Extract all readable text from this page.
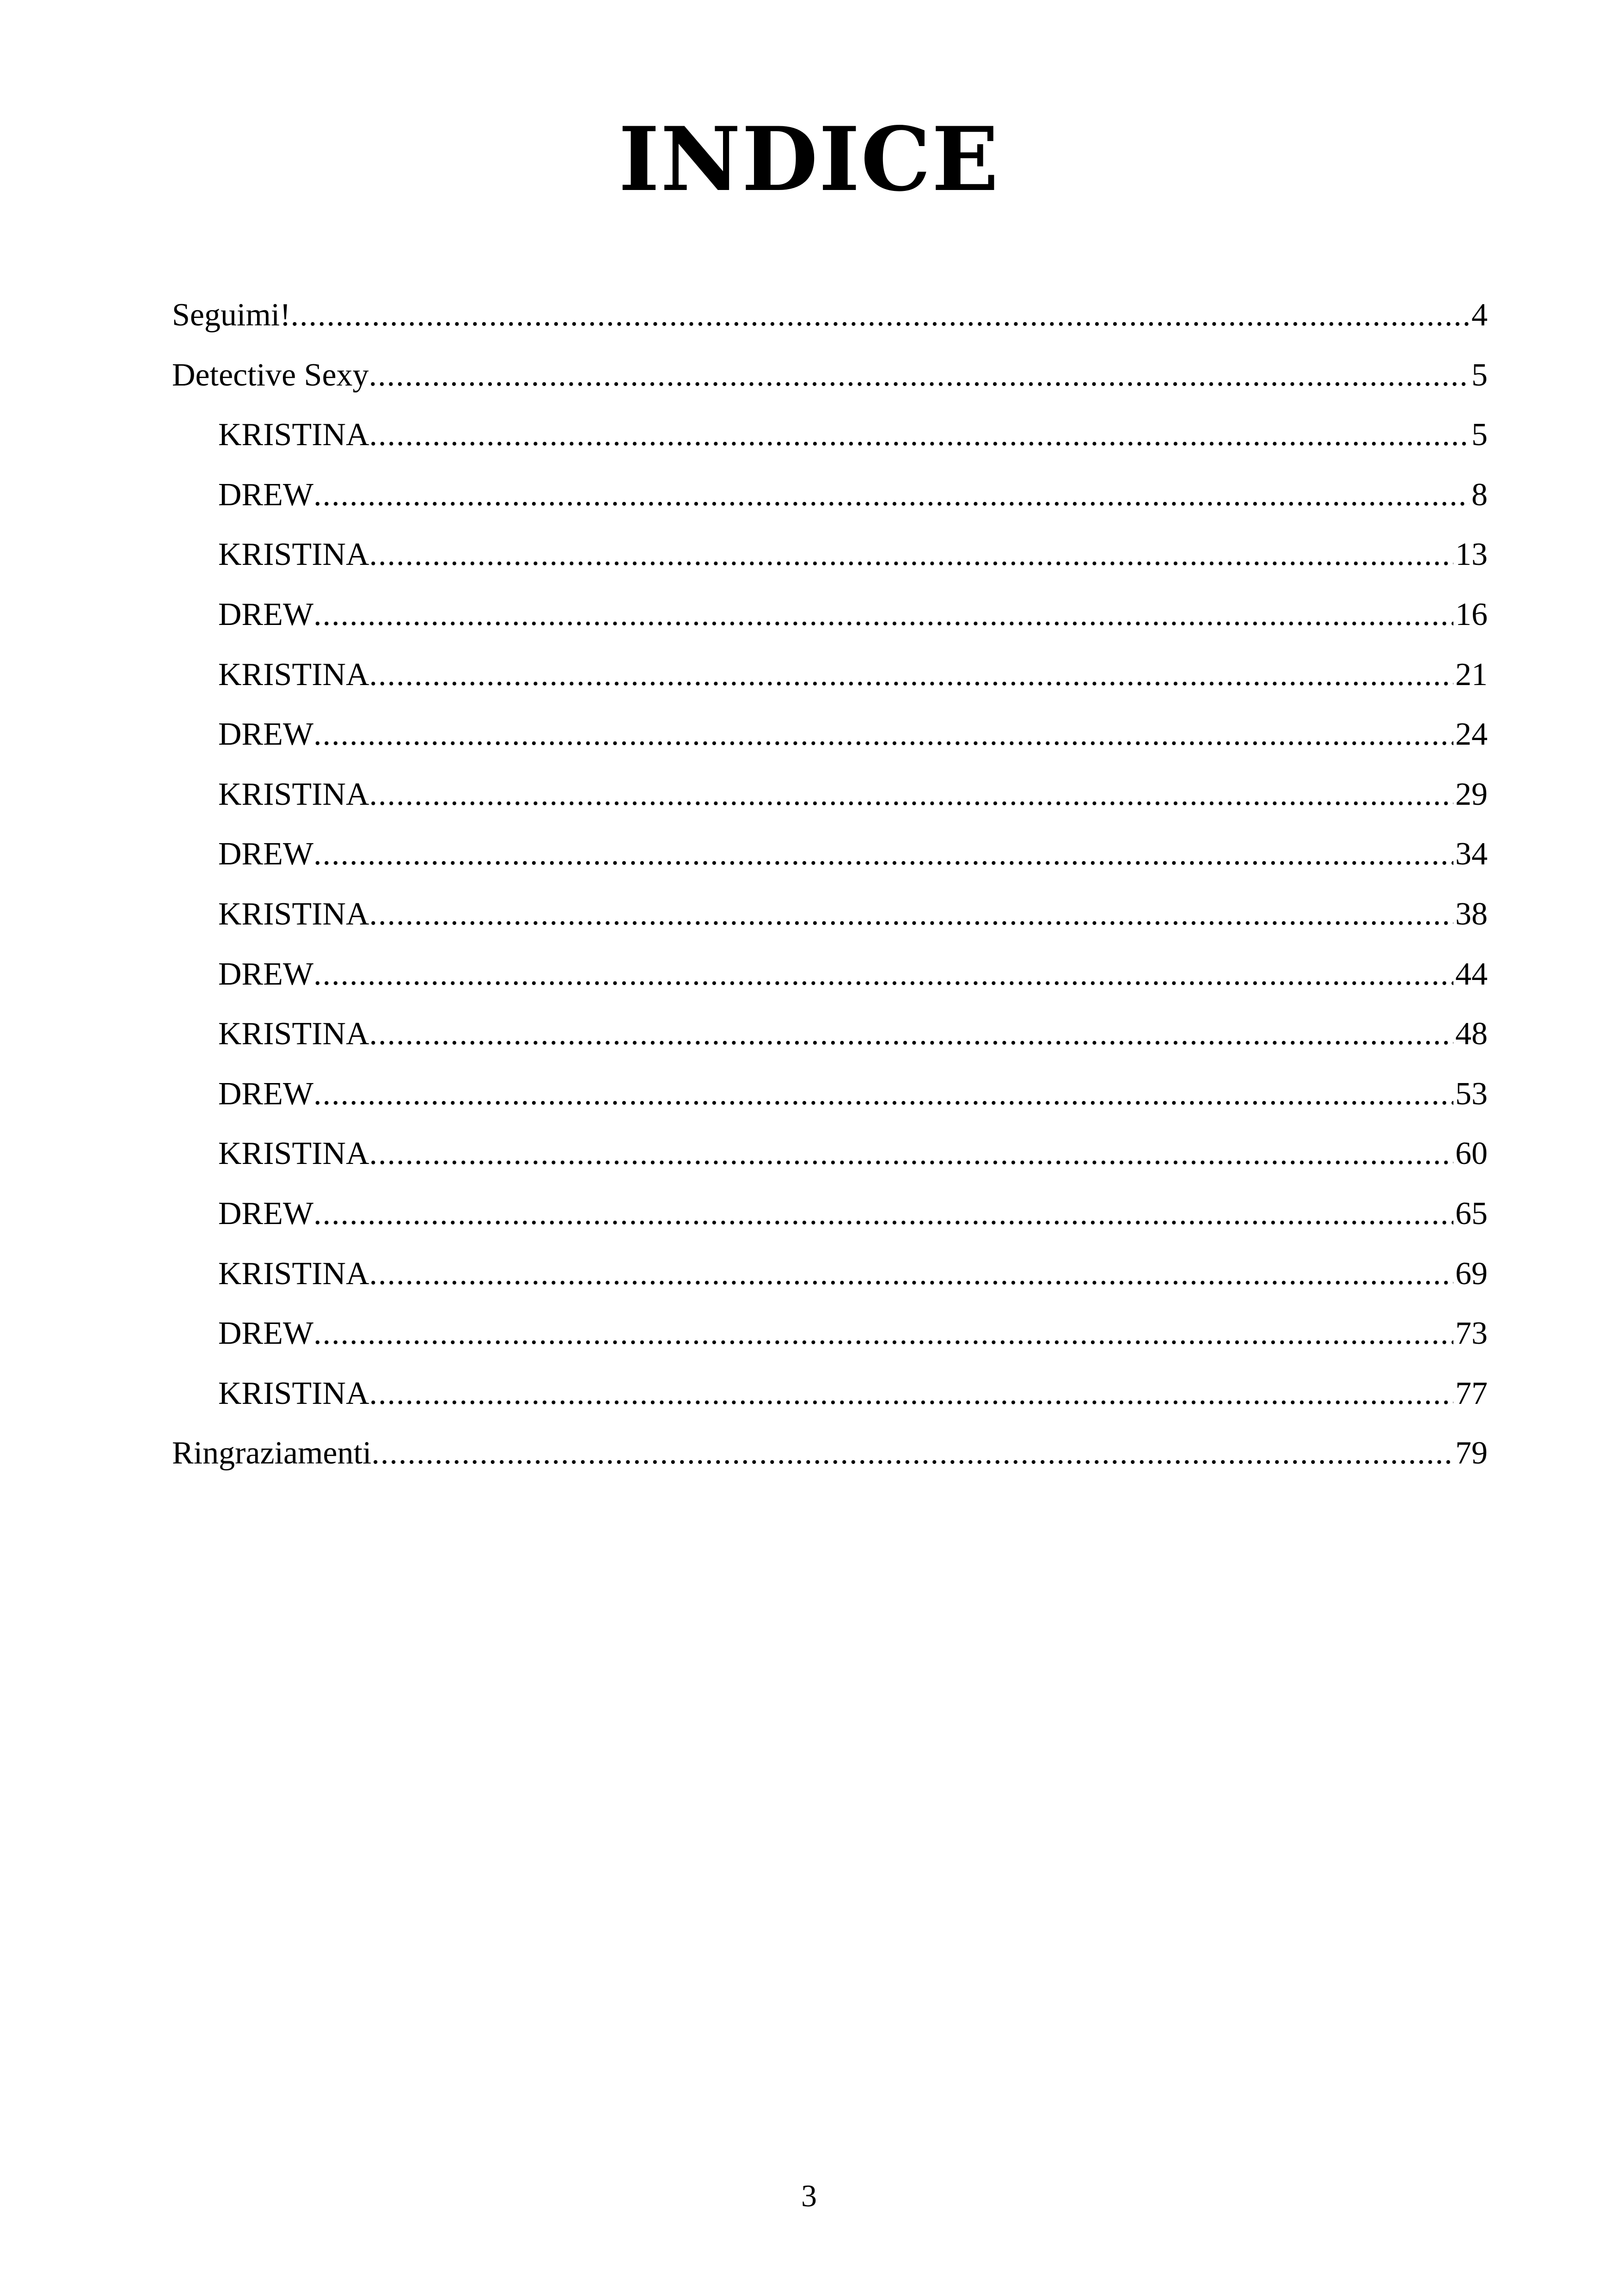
INDICE
Seguimi! .....	4
Detective Sexy .....	5
KRISTINA .....	5
DREW .....	8
KRISTINA .....	13
DREW .....	16
KRISTINA .....	21
DREW .....	24
KRISTINA .....	29
DREW .....	34
KRISTINA .....	38
DREW .....	44
KRISTINA .....	48
DREW .....	53
KRISTINA .....	60
DREW .....	65
KRISTINA .....	69
DREW .....	73
KRISTINA .....	77
Ringraziamenti .....	79
3
